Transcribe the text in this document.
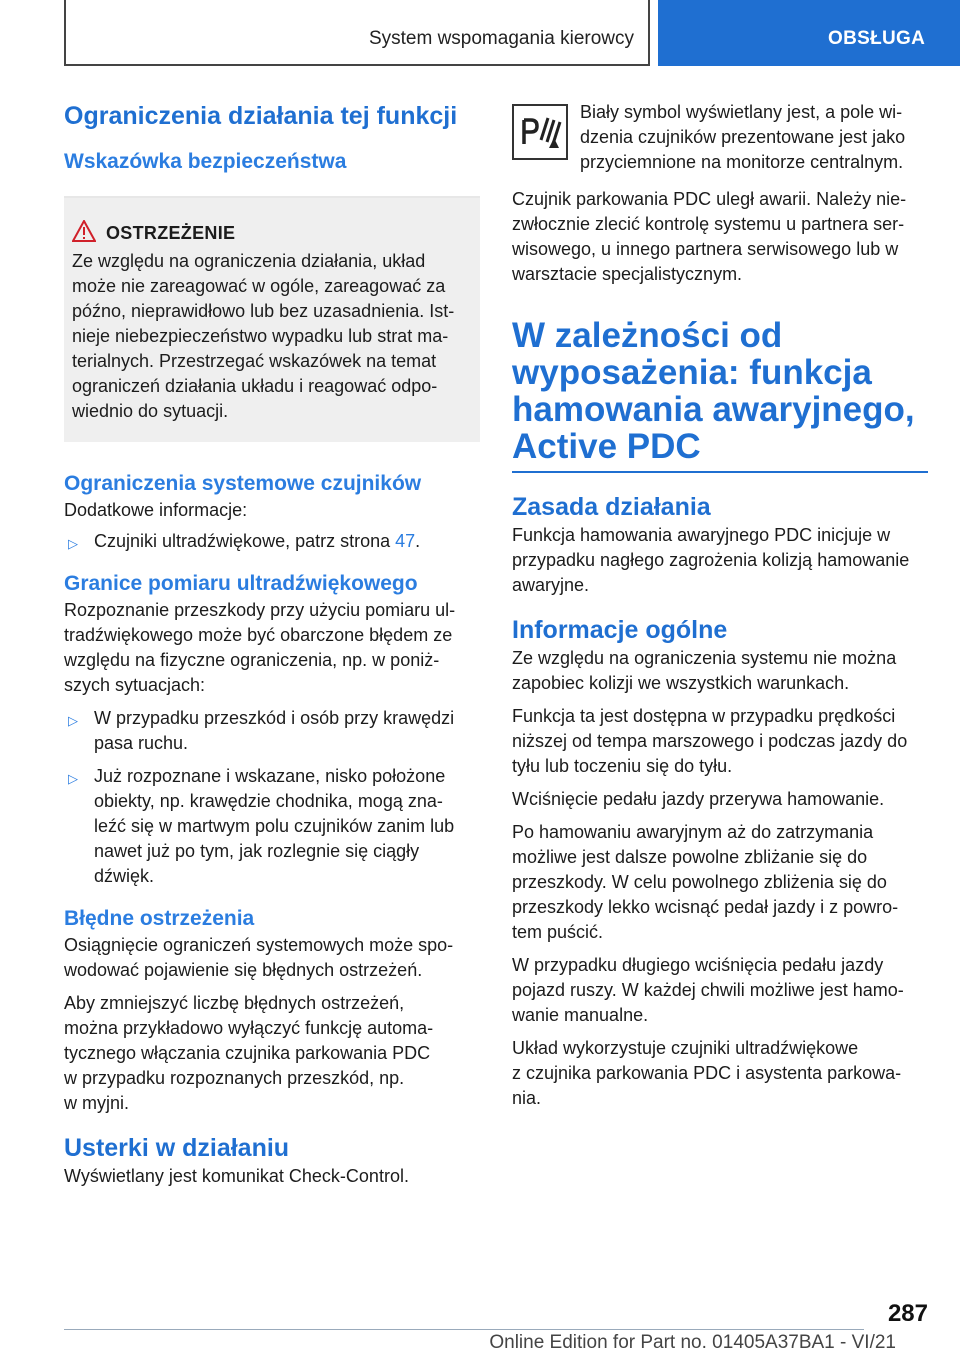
System wspomagania kierowcy	OBSŁUGA
Ograniczenia działania tej funkcji
Wskazówka bezpieczeństwa
OSTRZEŻENIE

Ze względu na ograniczenia działania, układ
może nie zareagować w ogóle, zareagować za
późno, nieprawidłowo lub bez uzasadnienia. Ist-
nieje niebezpieczeństwo wypadku lub strat ma-
terialnych. Przestrzegać wskazówek na temat
ograniczeń działania układu i reagować odpo-
wiednio do sytuacji.

Ograniczenia systemowe czujników

Dodatkowe informacje:

▷ Czujniki ultradźwiękowe, patrz strona 47.
Granice pomiaru ultradźwiękowego

Rozpoznanie przeszkody przy użyciu pomiaru ul-
tradźwiękowego może być obarczone błędem ze
względu na fizyczne ograniczenia, np. w poniż-
szych sytuacjach:

▷ W przypadku przeszkód i osób przy krawędzi
pasa ruchu.
▷ Już rozpoznane i wskazane, nisko położone
obiekty, np. krawędzie chodnika, mogą zna-
leźć się w martwym polu czujników zanim lub
nawet już po tym, jak rozlegnie się ciągły
dźwięk.
Błędne ostrzeżenia

Osiągnięcie ograniczeń systemowych może spo-
wodować pojawienie się błędnych ostrzeżeń.

Aby zmniejszyć liczbę błędnych ostrzeżeń,
można przykładowo wyłączyć funkcję automa-
tycznego włączania czujnika parkowania PDC
w przypadku rozpoznanych przeszkód, np.
w myjni.

Usterki w działaniu

Wyświetlany jest komunikat Check-Control.

Biały symbol wyświetlany jest, a pole wi-
dzenia czujników prezentowane jest jako
przyciemnione na monitorze centralnym.

Czujnik parkowania PDC uległ awarii. Należy nie-
zwłocznie zlecić kontrolę systemu u partnera ser-
wisowego, u innego partnera serwisowego lub w
warsztacie specjalistycznym.

W zależności od
wyposażenia: funkcja
hamowania awaryjnego,
Active PDC
Zasada działania

Funkcja hamowania awaryjnego PDC inicjuje w
przypadku nagłego zagrożenia kolizją hamowanie
awaryjne.

Informacje ogólne

Ze względu na ograniczenia systemu nie można
zapobiec kolizji we wszystkich warunkach.

Funkcja ta jest dostępna w przypadku prędkości
niższej od tempa marszowego i podczas jazdy do
tyłu lub toczeniu się do tyłu.

Wciśnięcie pedału jazdy przerywa hamowanie.

Po hamowaniu awaryjnym aż do zatrzymania
możliwe jest dalsze powolne zbliżanie się do
przeszkody. W celu powolnego zbliżenia się do
przeszkody lekko wcisnąć pedał jazdy i z powro-
tem puścić.

W przypadku długiego wciśnięcia pedału jazdy
pojazd ruszy. W każdej chwili możliwe jest hamo-
wanie manualne.

Układ wykorzystuje czujniki ultradźwiękowe
z czujnika parkowania PDC i asystenta parkowa-
nia.

287
Online Edition for Part no. 01405A37BA1 - VI/21
